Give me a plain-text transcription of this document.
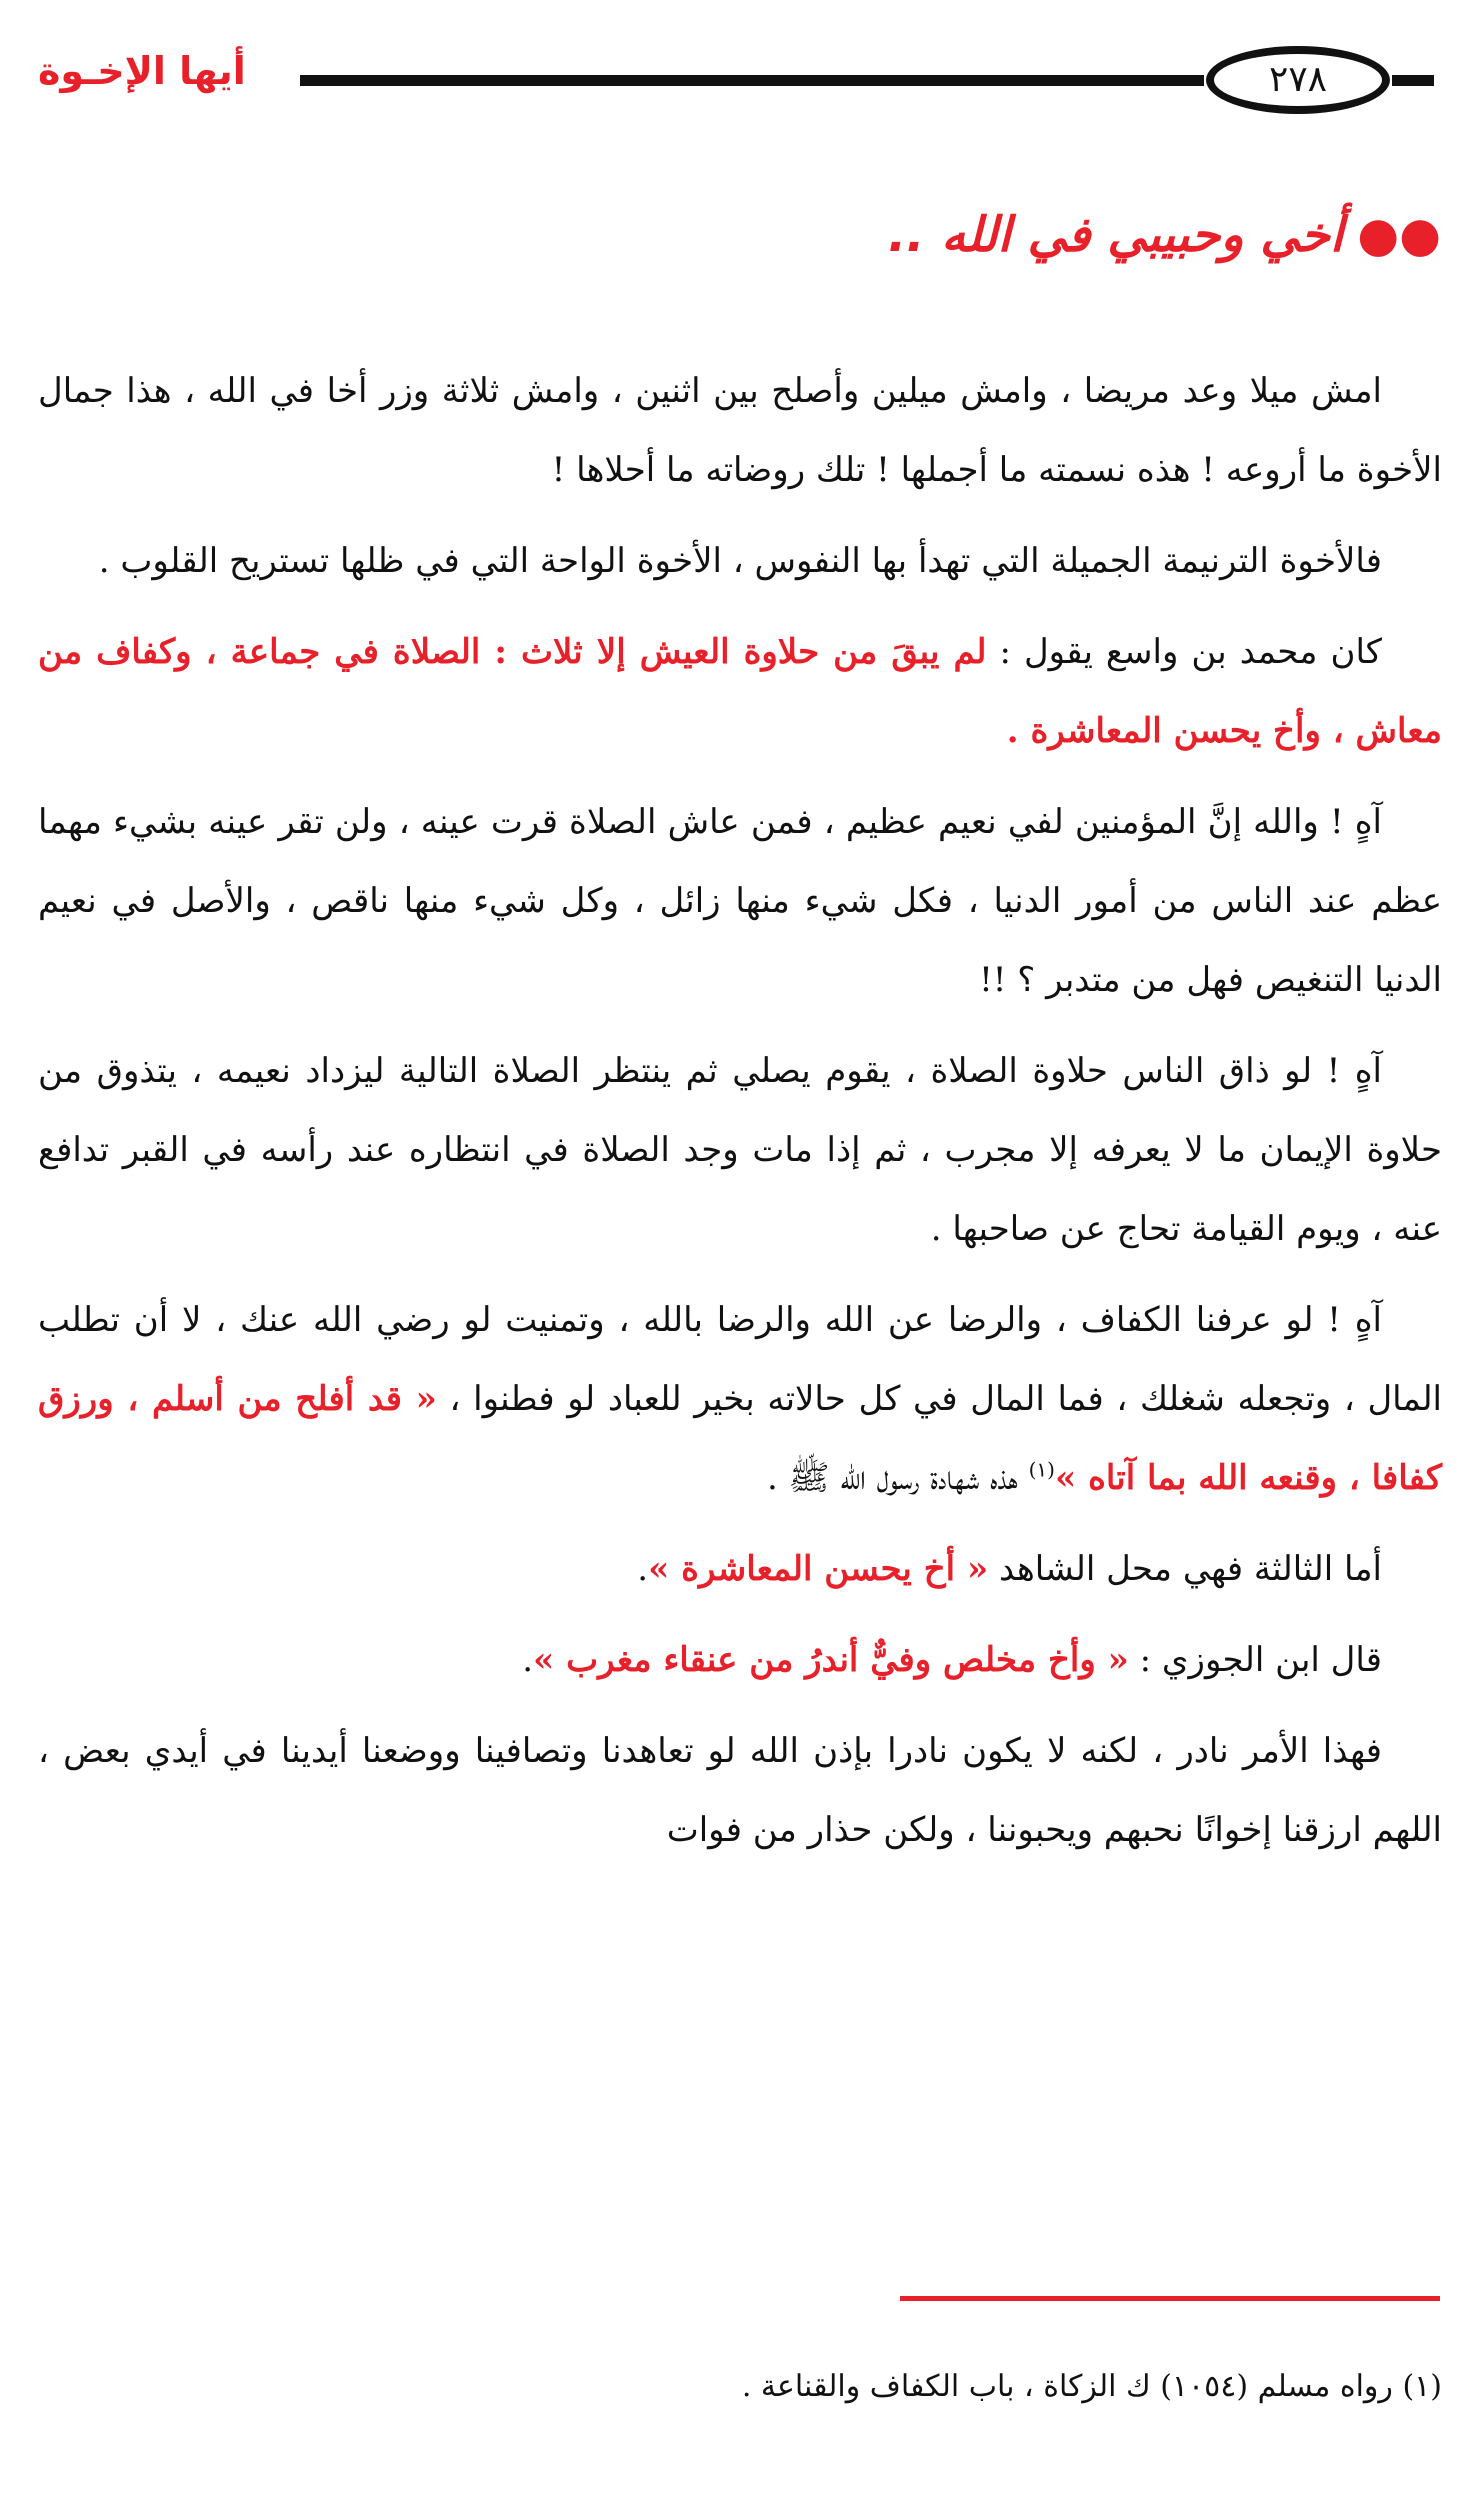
أيها الإخـوة	٢٧٨
●●أخي وحبيبي في الله ..

امش ميلا وعد مريضا ، وامش ميلين وأصلح بين اثنين ، وامش ثلاثة وزر أخا في الله ، هذا جمال الأخوة ما أروعه ! هذه نسمته ما أجملها ! تلك روضاته ما أحلاها !

فالأخوة الترنيمة الجميلة التي تهدأ بها النفوس ، الأخوة الواحة التي في ظلها تستريح القلوب .

كان محمد بن واسع يقول : لم يبقَ من حلاوة العيش إلا ثلاث : الصلاة في جماعة ، وكفاف من معاش ، وأخ يحسن المعاشرة .

آهٍ ! والله إنَّ المؤمنين لفي نعيم عظيم ، فمن عاش الصلاة قرت عينه ، ولن تقر عينه بشيء مهما عظم عند الناس من أمور الدنيا ، فكل شيء منها زائل ، وكل شيء منها ناقص ، والأصل في نعيم الدنيا التنغيص فهل من متدبر ؟ !!

آهٍ ! لو ذاق الناس حلاوة الصلاة ، يقوم يصلي ثم ينتظر الصلاة التالية ليزداد نعيمه ، يتذوق من حلاوة الإيمان ما لا يعرفه إلا مجرب ، ثم إذا مات وجد الصلاة في انتظاره عند رأسه في القبر تدافع عنه ، ويوم القيامة تحاج عن صاحبها .

آهٍ ! لو عرفنا الكفاف ، والرضا عن الله والرضا بالله ، وتمنيت لو رضي الله عنك ، لا أن تطلب المال ، وتجعله شغلك ، فما المال في كل حالاته بخير للعباد لو فطنوا ، « قد أفلح من أسلم ، ورزق كفافا ، وقنعه الله بما آتاه »$^{(١)}$ هذه شهادة رسول الله ﷺ .

أما الثالثة فهي محل الشاهد « أخ يحسن المعاشرة ».

قال ابن الجوزي : « وأخ مخلص وفيٌّ أندرُ من عنقاء مغرب ».

فهذا الأمر نادر ، لكنه لا يكون نادرا بإذن الله لو تعاهدنا وتصافينا ووضعنا أيدينا في أيدي بعض ، اللهم ارزقنا إخوانًا نحبهم ويحبوننا ، ولكن حذار من فوات

(١) رواه مسلم (١٠٥٤) ك الزكاة ، باب الكفاف والقناعة .
